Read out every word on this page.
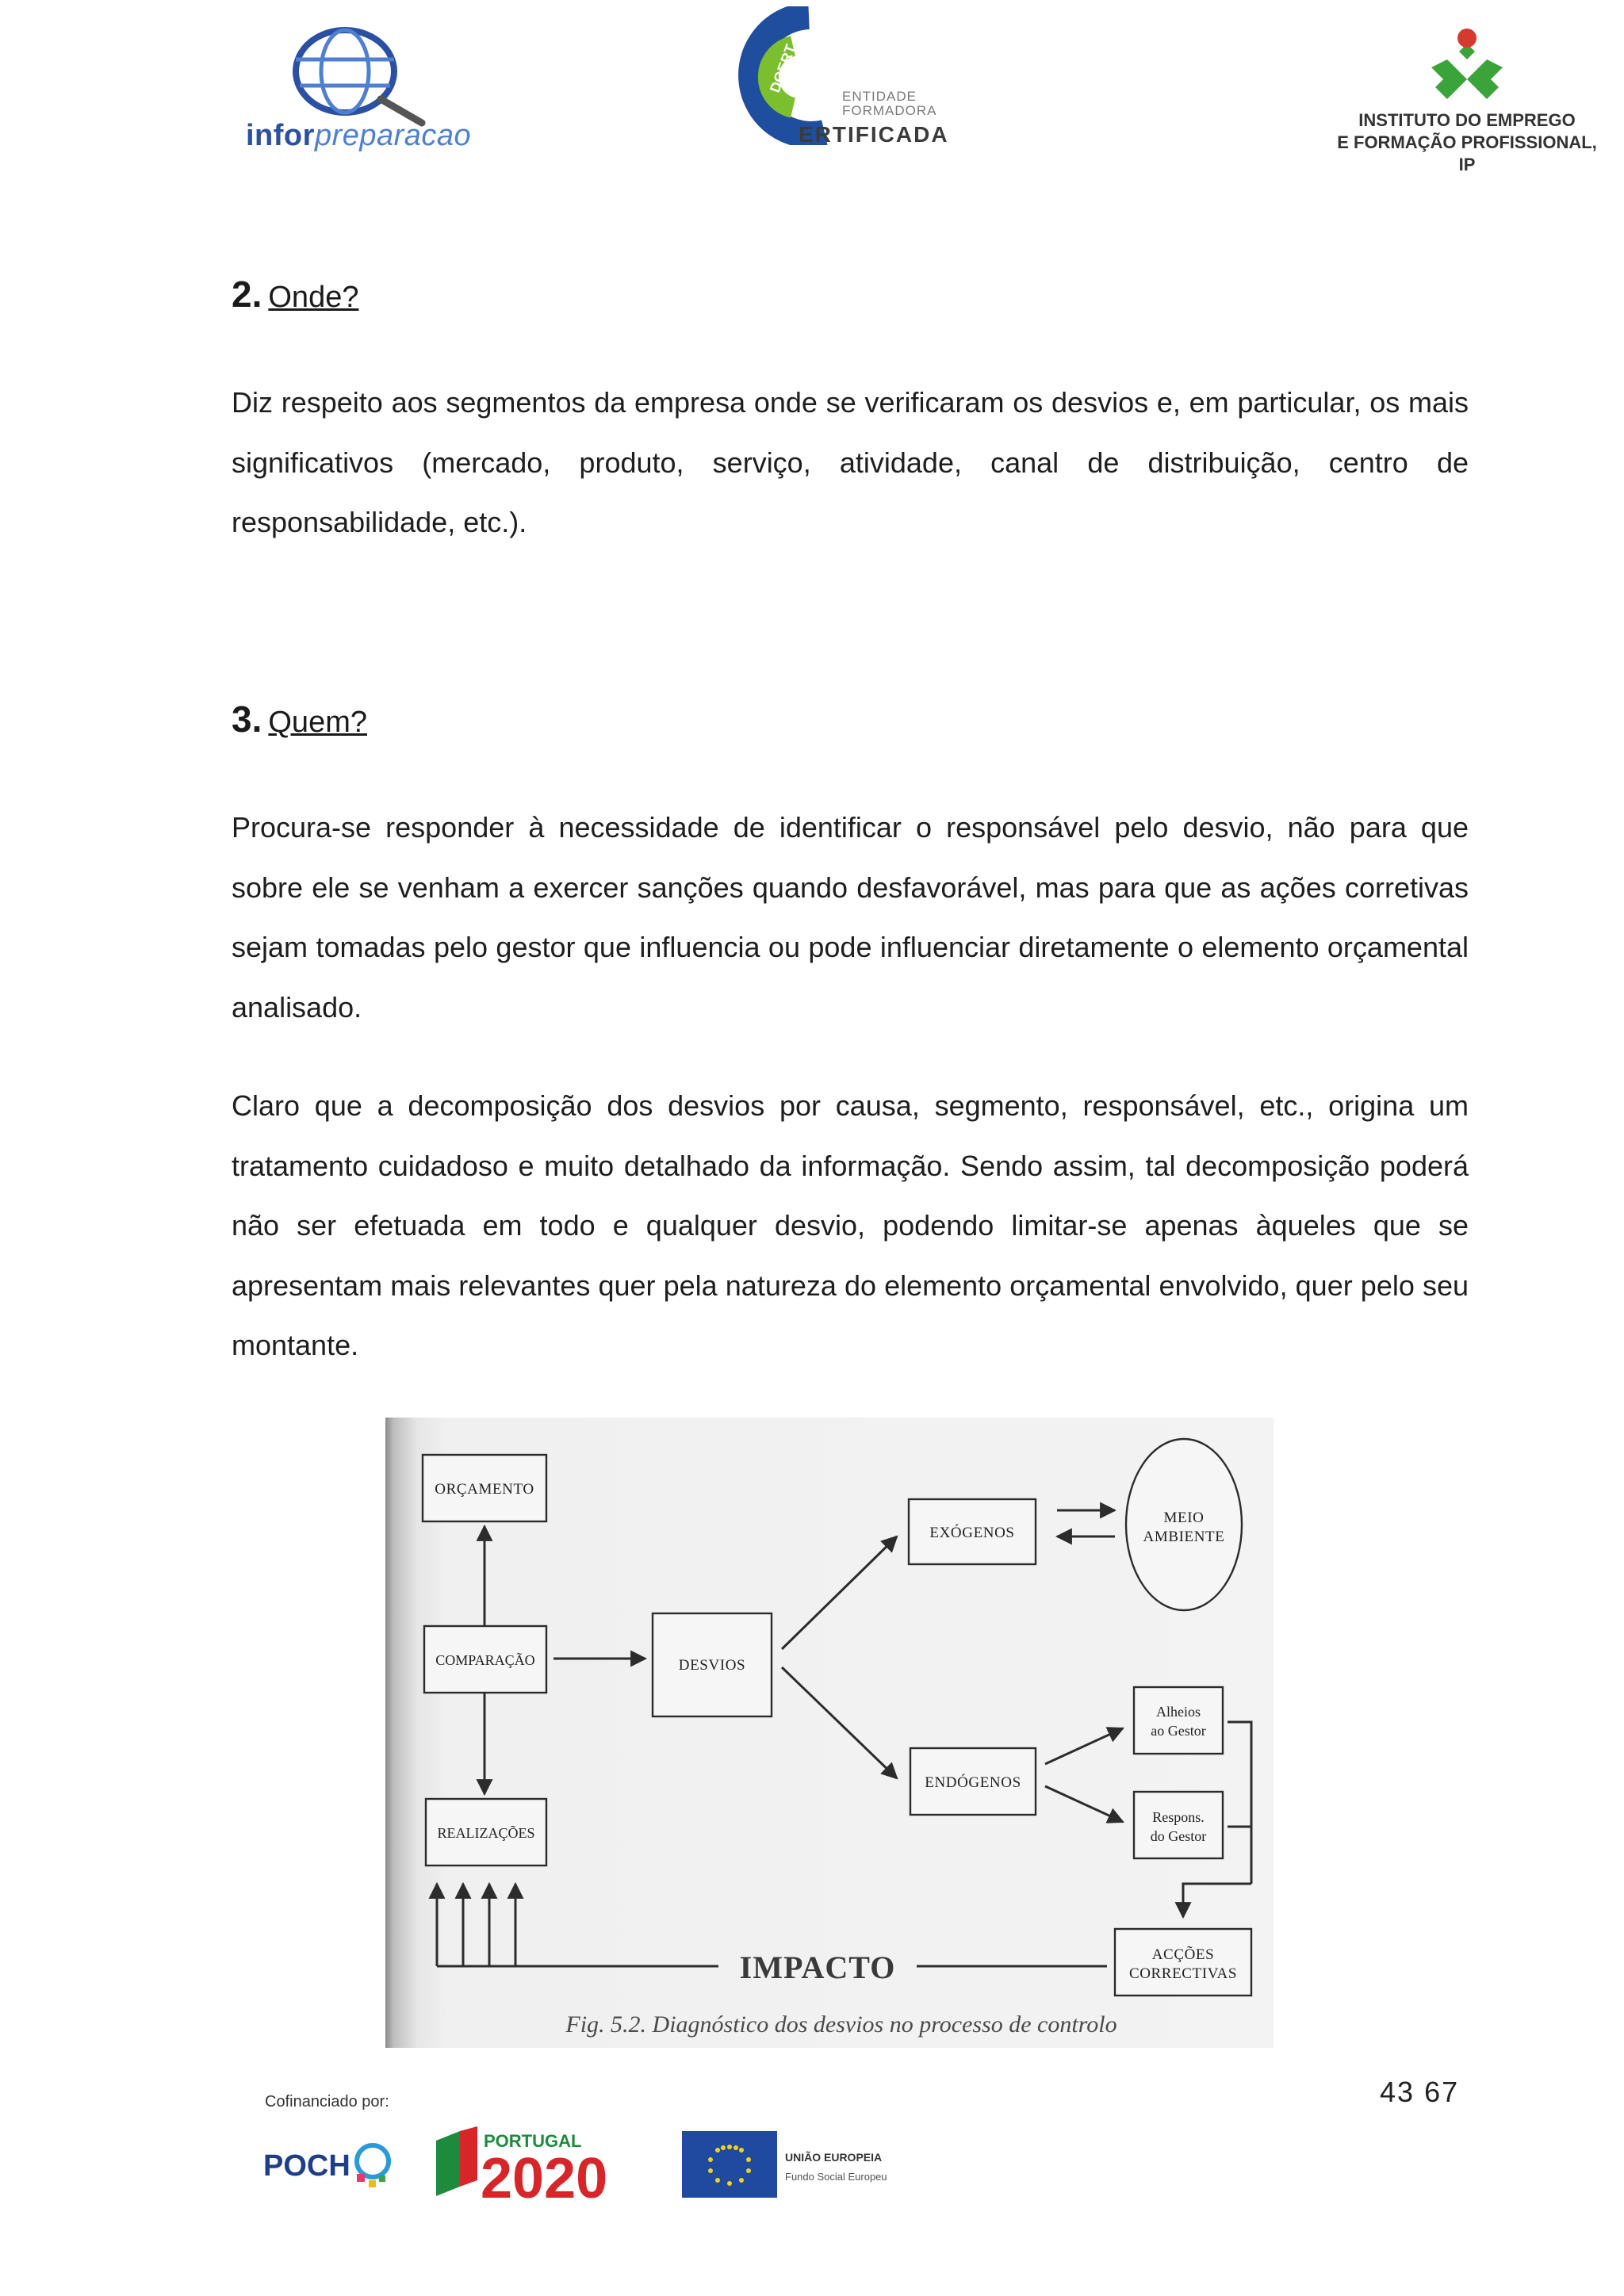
inforpreparacao
DGERT
ENTIDADE
FORMADORA
ERTIFICADA
INSTITUTO DO EMPREGO
E FORMAÇÃO PROFISSIONAL, IP
2. Onde?
Diz respeito aos segmentos da empresa onde se verificaram os desvios e, em particular, os mais significativos (mercado, produto, serviço, atividade, canal de distribuição, centro de responsabilidade, etc.).
3. Quem?
Procura-se responder à necessidade de identificar o responsável pelo desvio, não para que sobre ele se venham a exercer sanções quando desfavorável, mas para que as ações corretivas sejam tomadas pelo gestor que influencia ou pode influenciar diretamente o elemento orçamental analisado.
Claro que a decomposição dos desvios por causa, segmento, responsável, etc., origina um tratamento cuidadoso e muito detalhado da informação. Sendo assim, tal decomposição poderá não ser efetuada em todo e qualquer desvio, podendo limitar-se apenas àqueles que se apresentam mais relevantes quer pela natureza do elemento orçamental envolvido, quer pelo seu montante.
ORÇAMENTO
COMPARAÇÃO
REALIZAÇÕES
DESVIOS
EXÓGENOS
ENDÓGENOS
MEIO
AMBIENTE
Alheios
ao Gestor
Respons.
do Gestor
ACÇÕES
CORRECTIVAS
IMPACTO
Fig. 5.2. Diagnóstico dos desvios no processo de controlo
43 67
Cofinanciado por:
POCH
PORTUGAL
2020	UNIÃO EUROPEIA
Fundo Social Europeu
